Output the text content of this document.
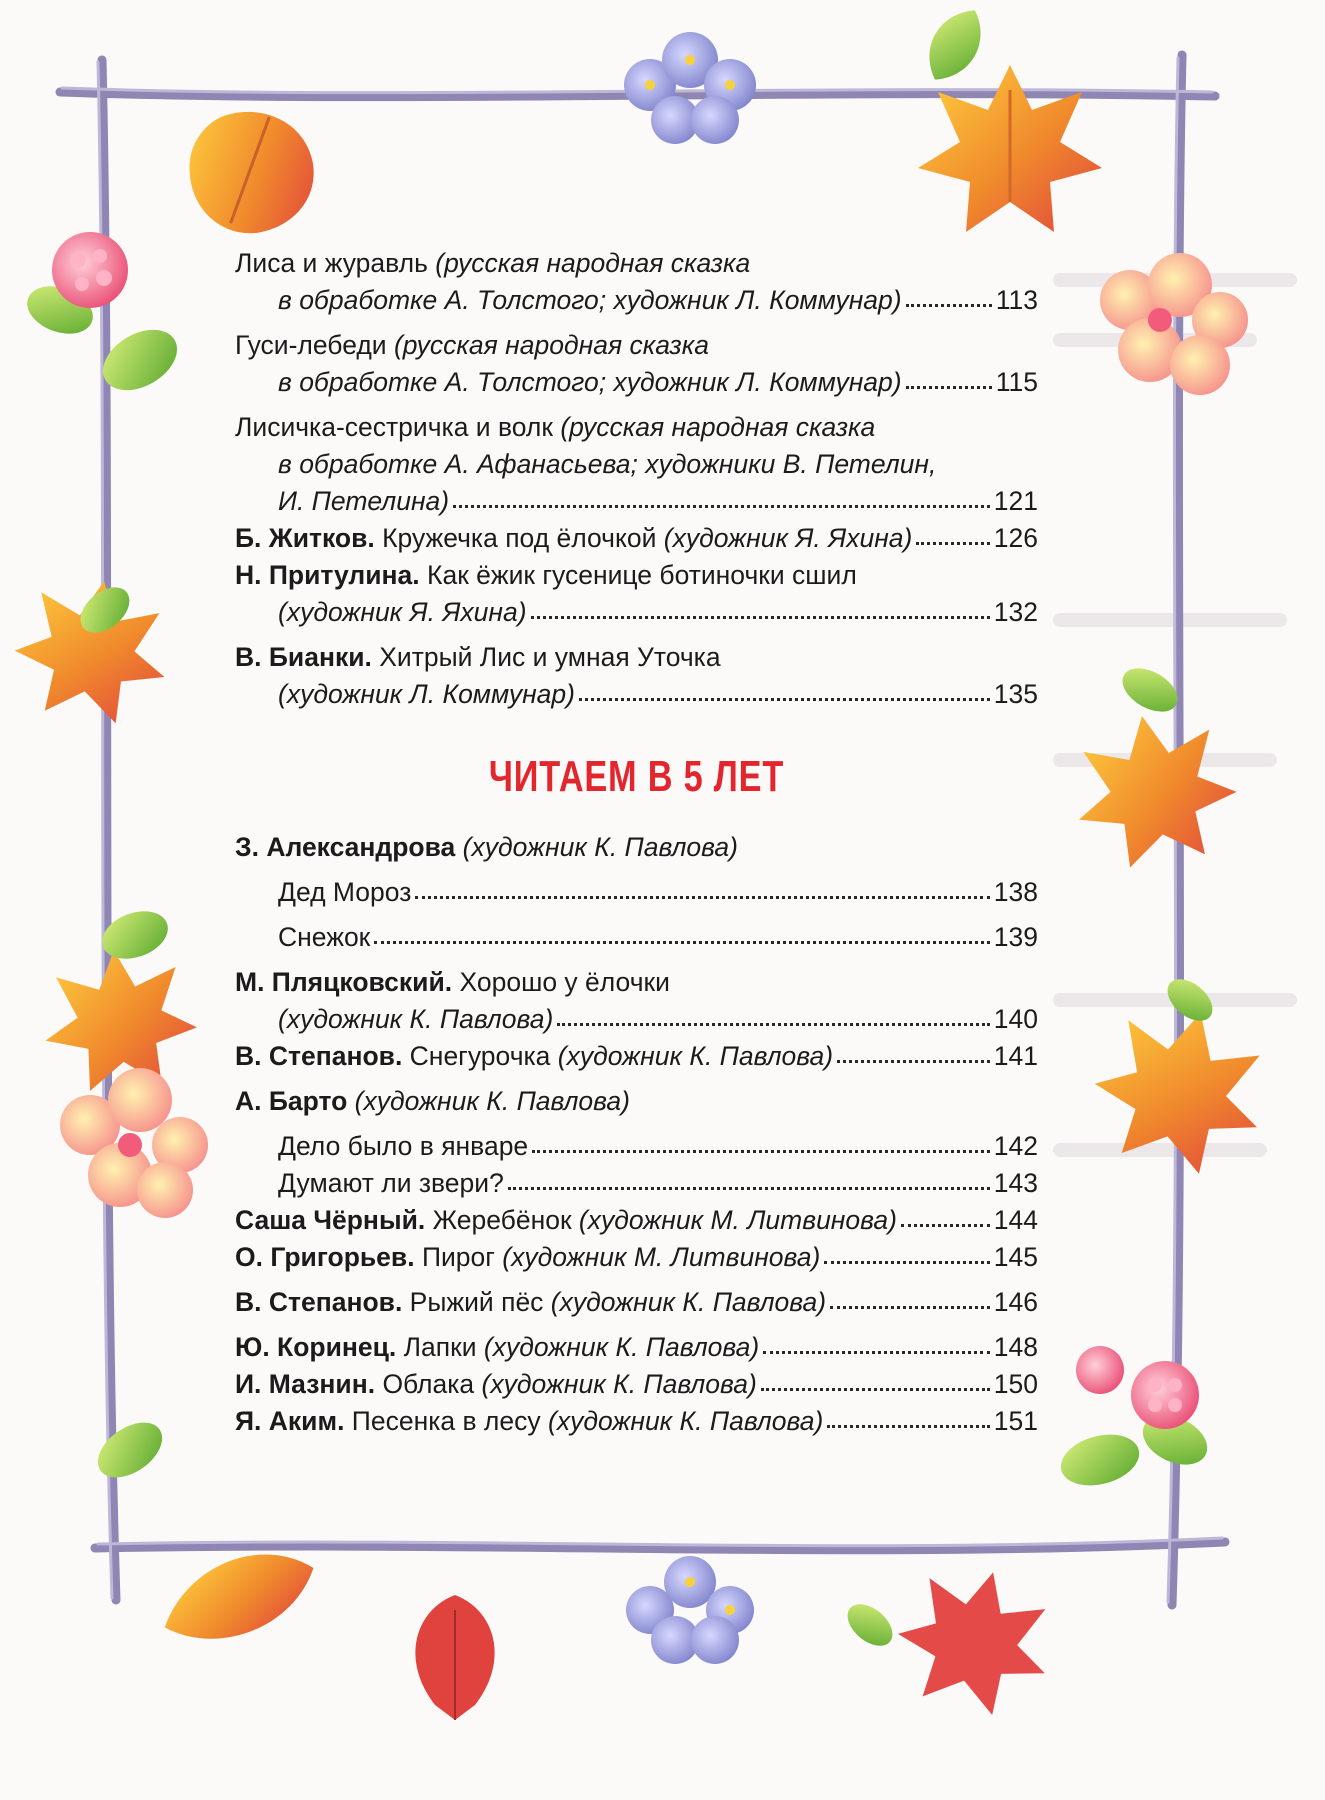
Лиса и журавль (русская народная сказка
в обработке А. Толстого; художник Л. Коммунар)	113
Гуси-лебеди (русская народная сказка
в обработке А. Толстого; художник Л. Коммунар)	115
Лисичка-сестричка и волк (русская народная сказка
в обработке А. Афанасьева; художники В. Петелин,
И. Петелина)	121
Б. Житков. Кружечка под ёлочкой (художник Я. Яхина)	126
Н. Притулина. Как ёжик гусенице ботиночки сшил
(художник Я. Яхина)	132
В. Бианки. Хитрый Лис и умная Уточка
(художник Л. Коммунар)	135
ЧИТАЕМ В 5 ЛЕТ
З. Александрова (художник К. Павлова)
Дед Мороз	138
Снежок	139
М. Пляцковский. Хорошо у ёлочки
(художник К. Павлова)	140
В. Степанов. Снегурочка (художник К. Павлова)	141
А. Барто (художник К. Павлова)
Дело было в январе	142
Думают ли звери?	143
Саша Чёрный. Жеребёнок (художник М. Литвинова)	144
О. Григорьев. Пирог (художник М. Литвинова)	145
В. Степанов. Рыжий пёс (художник К. Павлова)	146
Ю. Коринец. Лапки (художник К. Павлова)	148
И. Мазнин. Облака (художник К. Павлова)	150
Я. Аким. Песенка в лесу (художник К. Павлова)	151
